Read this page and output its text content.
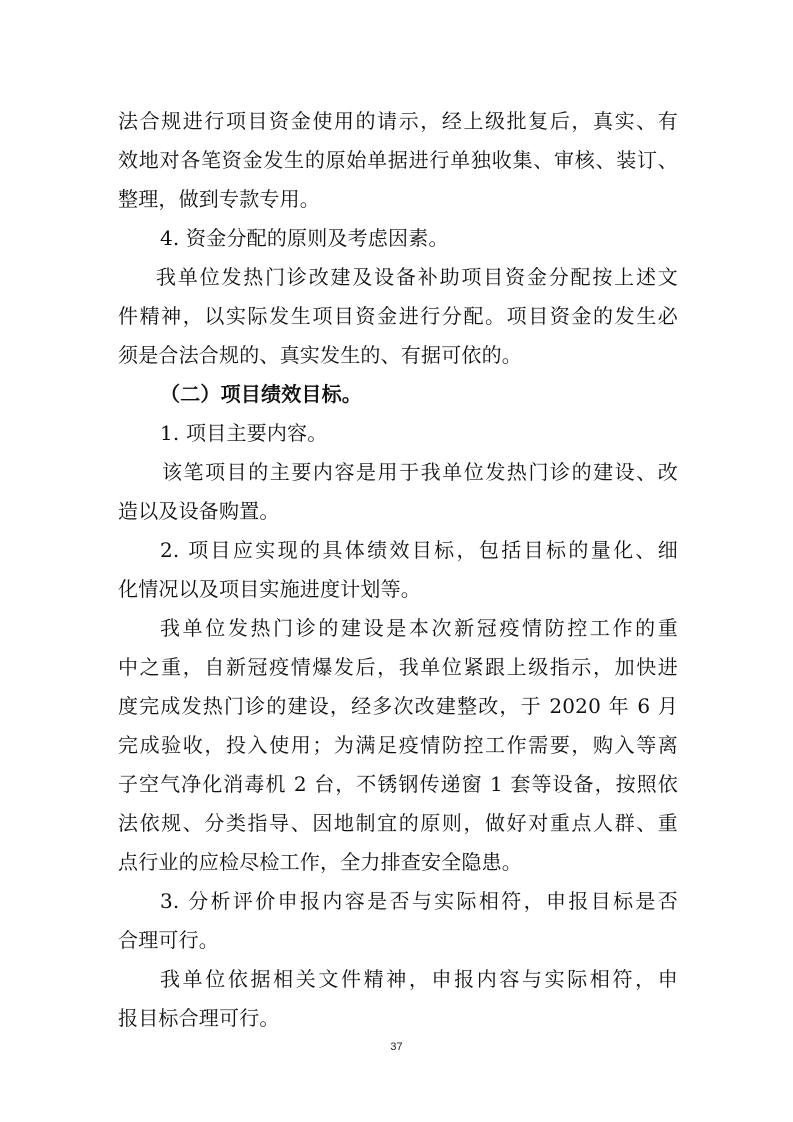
法合规进行项目资金使用的请示，经上级批复后，真实、有
效地对各笔资金发生的原始单据进行单独收集、审核、装订、
整理，做到专款专用。
4. 资金分配的原则及考虑因素。
我单位发热门诊改建及设备补助项目资金分配按上述文
件精神，以实际发生项目资金进行分配。项目资金的发生必
须是合法合规的、真实发生的、有据可依的。
（二）项目绩效目标。
1. 项目主要内容。
该笔项目的主要内容是用于我单位发热门诊的建设、改
造以及设备购置。
2. 项目应实现的具体绩效目标，包括目标的量化、细
化情况以及项目实施进度计划等。
我单位发热门诊的建设是本次新冠疫情防控工作的重
中之重，自新冠疫情爆发后，我单位紧跟上级指示，加快进
度完成发热门诊的建设，经多次改建整改，于 2020 年 6 月
完成验收，投入使用；为满足疫情防控工作需要，购入等离
子空气净化消毒机 2 台，不锈钢传递窗 1 套等设备，按照依
法依规、分类指导、因地制宜的原则，做好对重点人群、重
点行业的应检尽检工作，全力排查安全隐患。
3. 分析评价申报内容是否与实际相符，申报目标是否
合理可行。
37
我单位依据相关文件精神，申报内容与实际相符，申
报目标合理可行。
